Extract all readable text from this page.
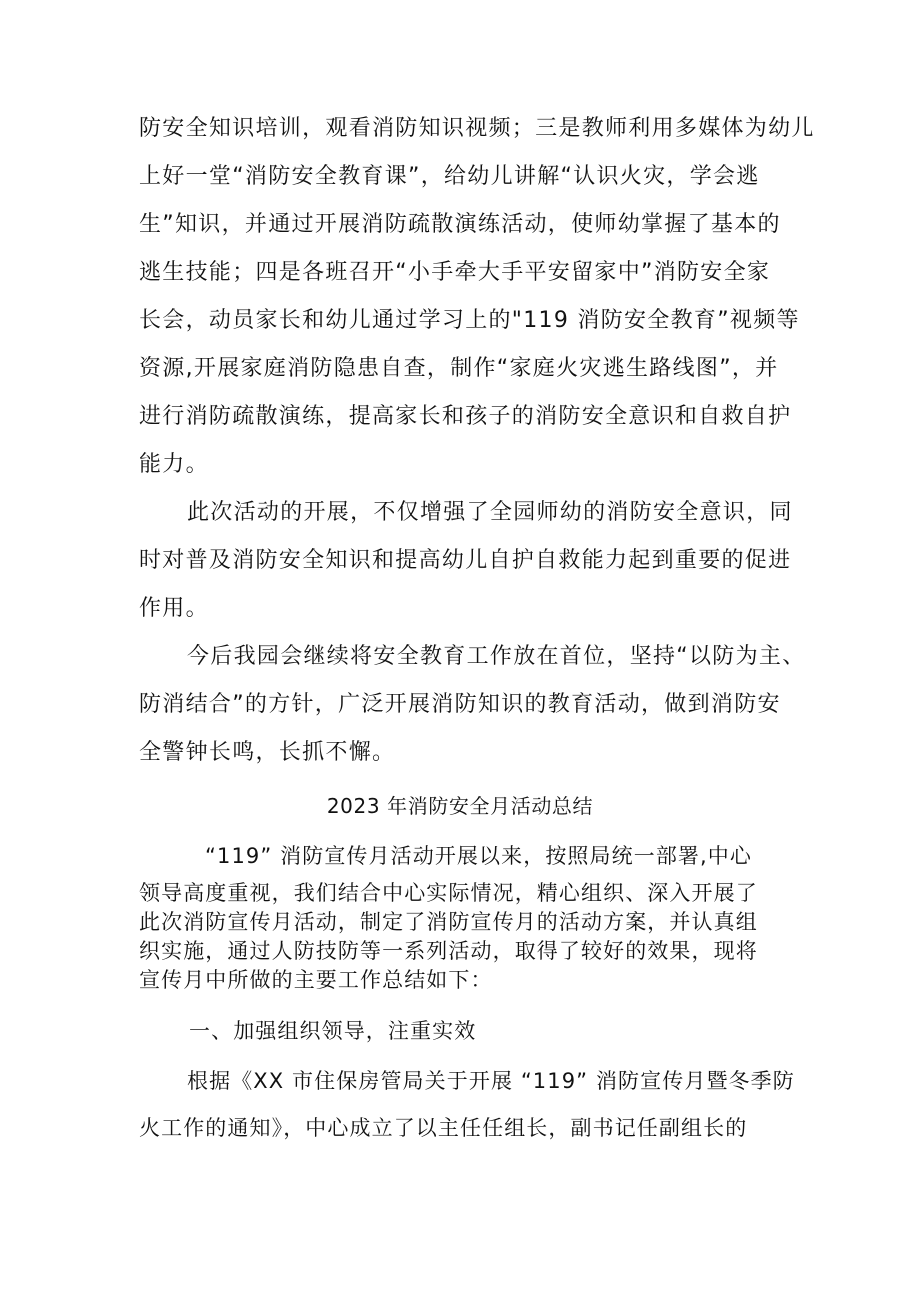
防安全知识培训，观看消防知识视频；三是教师利用多媒体为幼儿
上好一堂“消防安全教育课”，给幼儿讲解“认识火灾，学会逃
生”知识，并通过开展消防疏散演练活动，使师幼掌握了基本的
逃生技能；四是各班召开“小手牵大手平安留家中”消防安全家
长会，动员家长和幼儿通过学习上的"119 消防安全教育”视频等
资源,开展家庭消防隐患自查，制作“家庭火灾逃生路线图”，并
进行消防疏散演练，提高家长和孩子的消防安全意识和自救自护
能力。
此次活动的开展，不仅增强了全园师幼的消防安全意识，同
时对普及消防安全知识和提高幼儿自护自救能力起到重要的促进
作用。
今后我园会继续将安全教育工作放在首位，坚持“以防为主、
防消结合”的方针，广泛开展消防知识的教育活动，做到消防安
全警钟长鸣，长抓不懈。
2023 年消防安全月活动总结
“119” 消防宣传月活动开展以来，按照局统一部署,中心
领导高度重视，我们结合中心实际情况，精心组织、深入开展了
此次消防宣传月活动，制定了消防宣传月的活动方案，并认真组
织实施，通过人防技防等一系列活动，取得了较好的效果，现将
宣传月中所做的主要工作总结如下：
一、加强组织领导，注重实效
根据《XX 市住保房管局关于开展 “119” 消防宣传月暨冬季防
火工作的通知》，中心成立了以主任任组长，副书记任副组长的
